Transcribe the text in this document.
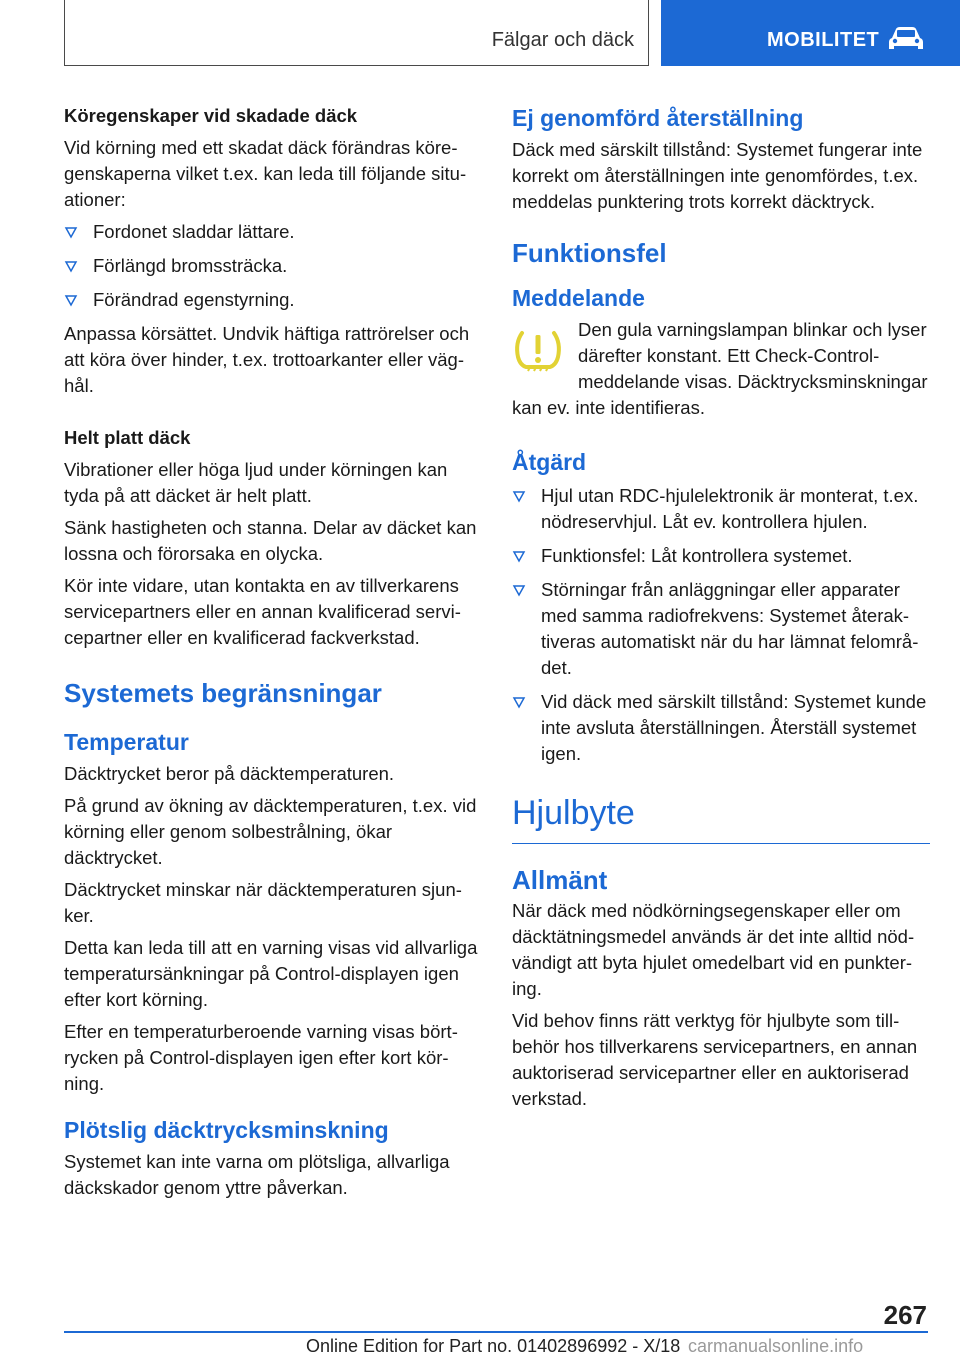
Fälgar och däck	MOBILITET
Köregenskaper vid skadade däck
Vid körning med ett skadat däck förändras köregenskaperna vilket t.ex. kan leda till följande situationer:
Fordonet sladdar lättare.
Förlängd bromssträcka.
Förändrad egenstyrning.
Anpassa körsättet. Undvik häftiga rattrörelser och att köra över hinder, t.ex. trottoarkanter eller väghål.
Helt platt däck
Vibrationer eller höga ljud under körningen kan tyda på att däcket är helt platt.
Sänk hastigheten och stanna. Delar av däcket kan lossna och förorsaka en olycka.
Kör inte vidare, utan kontakta en av tillverkarens servicepartners eller en annan kvalificerad servicepartner eller en kvalificerad fackverkstad.
Systemets begränsningar
Temperatur
Däcktrycket beror på däcktemperaturen.
På grund av ökning av däcktemperaturen, t.ex. vid körning eller genom solbestrålning, ökar däcktrycket.
Däcktrycket minskar när däcktemperaturen sjunker.
Detta kan leda till att en varning visas vid allvarliga temperatursänkningar på Control-displayen igen efter kort körning.
Efter en temperaturberoende varning visas börtrycken på Control-displayen igen efter kort körning.
Plötslig däcktrycksminskning
Systemet kan inte varna om plötsliga, allvarliga däckskador genom yttre påverkan.
Ej genomförd återställning
Däck med särskilt tillstånd: Systemet fungerar inte korrekt om återställningen inte genomfördes, t.ex. meddelas punktering trots korrekt däcktryck.
Funktionsfel
Meddelande
Den gula varningslampan blinkar och lyser därefter konstant. Ett Check-Control-meddelande visas. Däcktrycksminskningar kan ev. inte identifieras.
Åtgärd
Hjul utan RDC-hjulelektronik är monterat, t.ex. nödreservhjul. Låt ev. kontrollera hjulen.
Funktionsfel: Låt kontrollera systemet.
Störningar från anläggningar eller apparater med samma radiofrekvens: Systemet återaktiveras automatiskt när du har lämnat felområdet.
Vid däck med särskilt tillstånd: Systemet kunde inte avsluta återställningen. Återställ systemet igen.
Hjulbyte
Allmänt
När däck med nödkörningsegenskaper eller om däcktätningsmedel används är det inte alltid nödvändigt att byta hjulet omedelbart vid en punktering.
Vid behov finns rätt verktyg för hjulbyte som tillbehör hos tillverkarens servicepartners, en annan auktoriserad servicepartner eller en auktoriserad verkstad.
267
Online Edition for Part no. 01402896992 - X/18 carmanualsonline.info
